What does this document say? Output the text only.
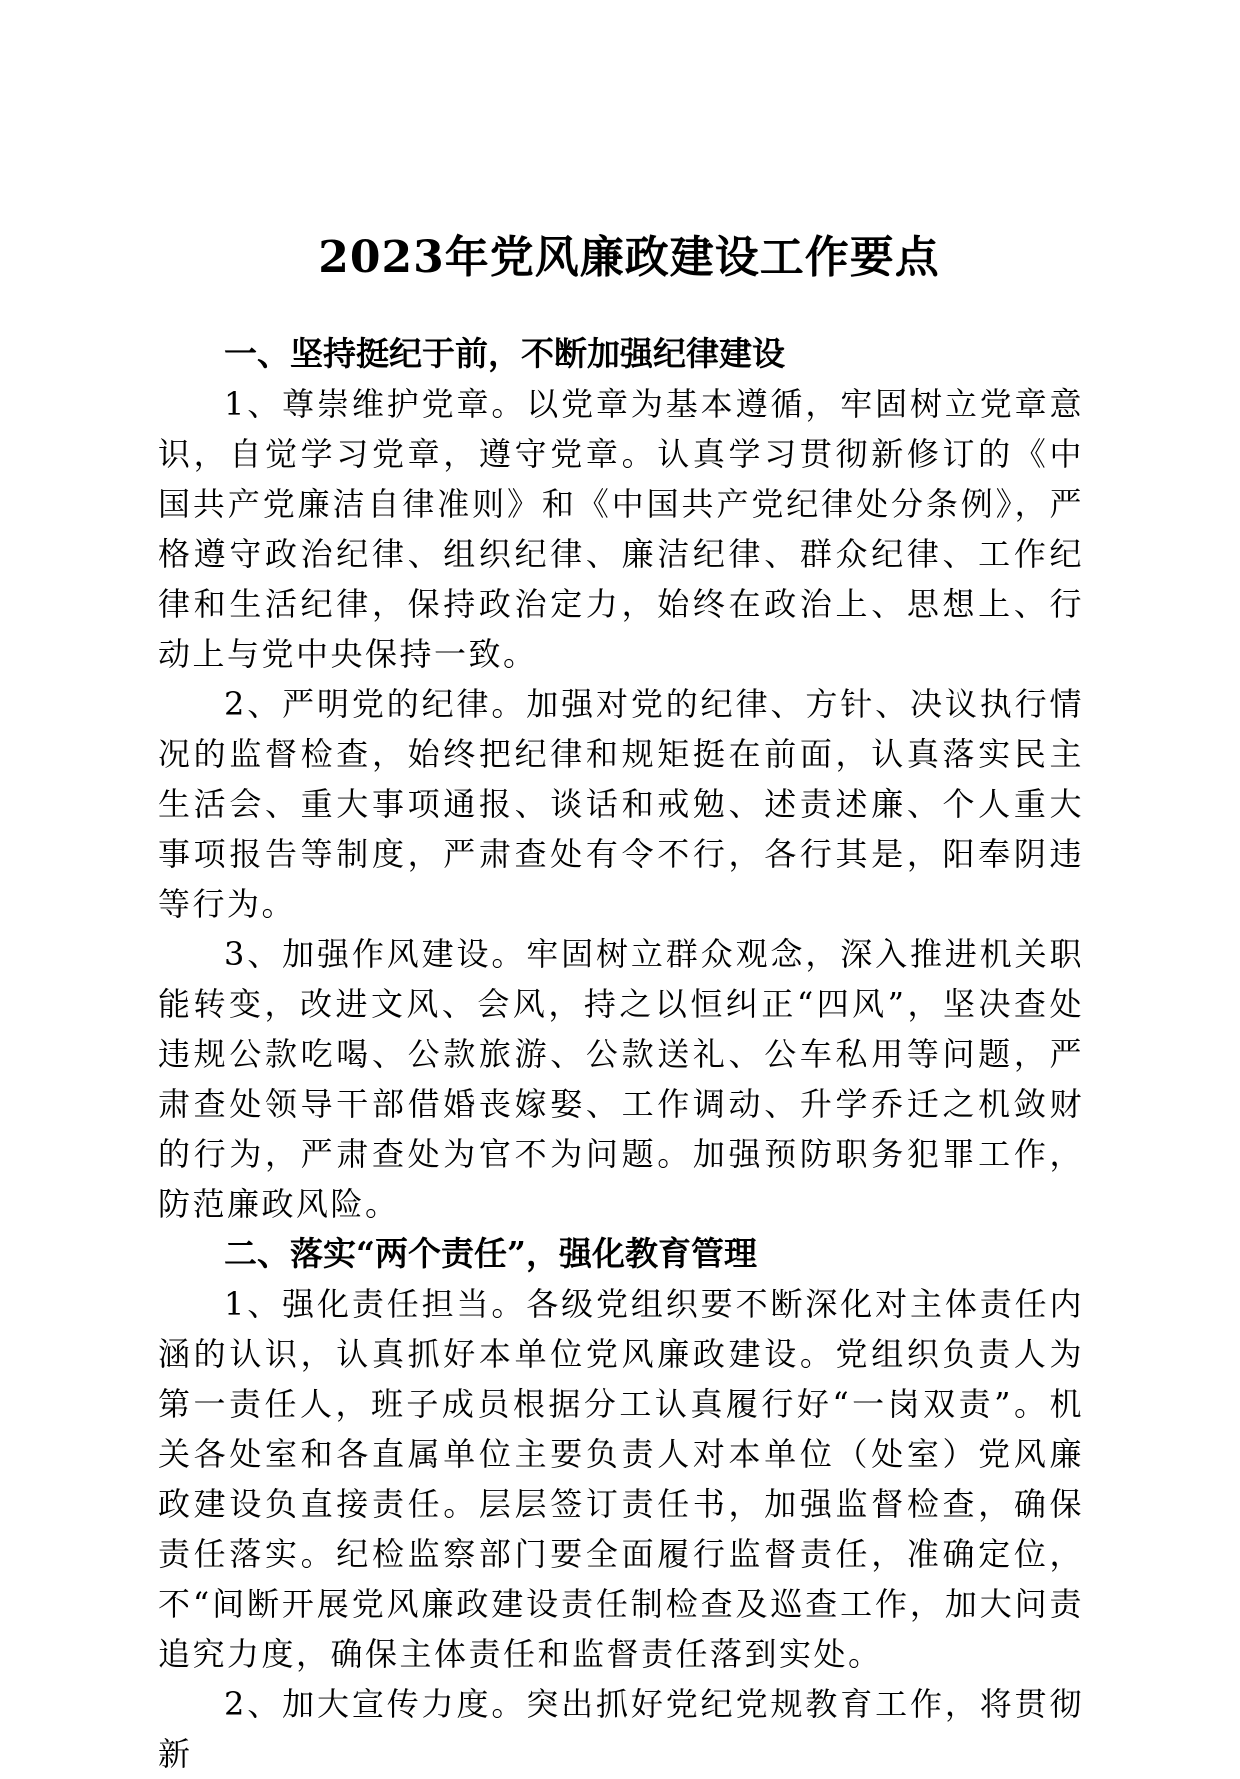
2023年党风廉政建设工作要点

一、坚持挺纪于前，不断加强纪律建设

1、尊崇维护党章。以党章为基本遵循，牢固树立党章意识，自觉学习党章，遵守党章。认真学习贯彻新修订的《中国共产党廉洁自律准则》和《中国共产党纪律处分条例》，严格遵守政治纪律、组织纪律、廉洁纪律、群众纪律、工作纪律和生活纪律，保持政治定力，始终在政治上、思想上、行动上与党中央保持一致。

2、严明党的纪律。加强对党的纪律、方针、决议执行情况的监督检查，始终把纪律和规矩挺在前面，认真落实民主生活会、重大事项通报、谈话和戒勉、述责述廉、个人重大事项报告等制度，严肃查处有令不行，各行其是，阳奉阴违等行为。

3、加强作风建设。牢固树立群众观念，深入推进机关职能转变，改进文风、会风，持之以恒纠正“四风”，坚决查处违规公款吃喝、公款旅游、公款送礼、公车私用等问题，严肃查处领导干部借婚丧嫁娶、工作调动、升学乔迁之机敛财的行为，严肃查处为官不为问题。加强预防职务犯罪工作，防范廉政风险。

二、落实“两个责任”，强化教育管理

1、强化责任担当。各级党组织要不断深化对主体责任内涵的认识，认真抓好本单位党风廉政建设。党组织负责人为第一责任人，班子成员根据分工认真履行好“一岗双责”。机关各处室和各直属单位主要负责人对本单位（处室）党风廉政建设负直接责任。层层签订责任书，加强监督检查，确保责任落实。纪检监察部门要全面履行监督责任，准确定位，不“间断开展党风廉政建设责任制检查及巡查工作，加大问责追究力度，确保主体责任和监督责任落到实处。

2、加大宣传力度。突出抓好党纪党规教育工作，将贯彻新
